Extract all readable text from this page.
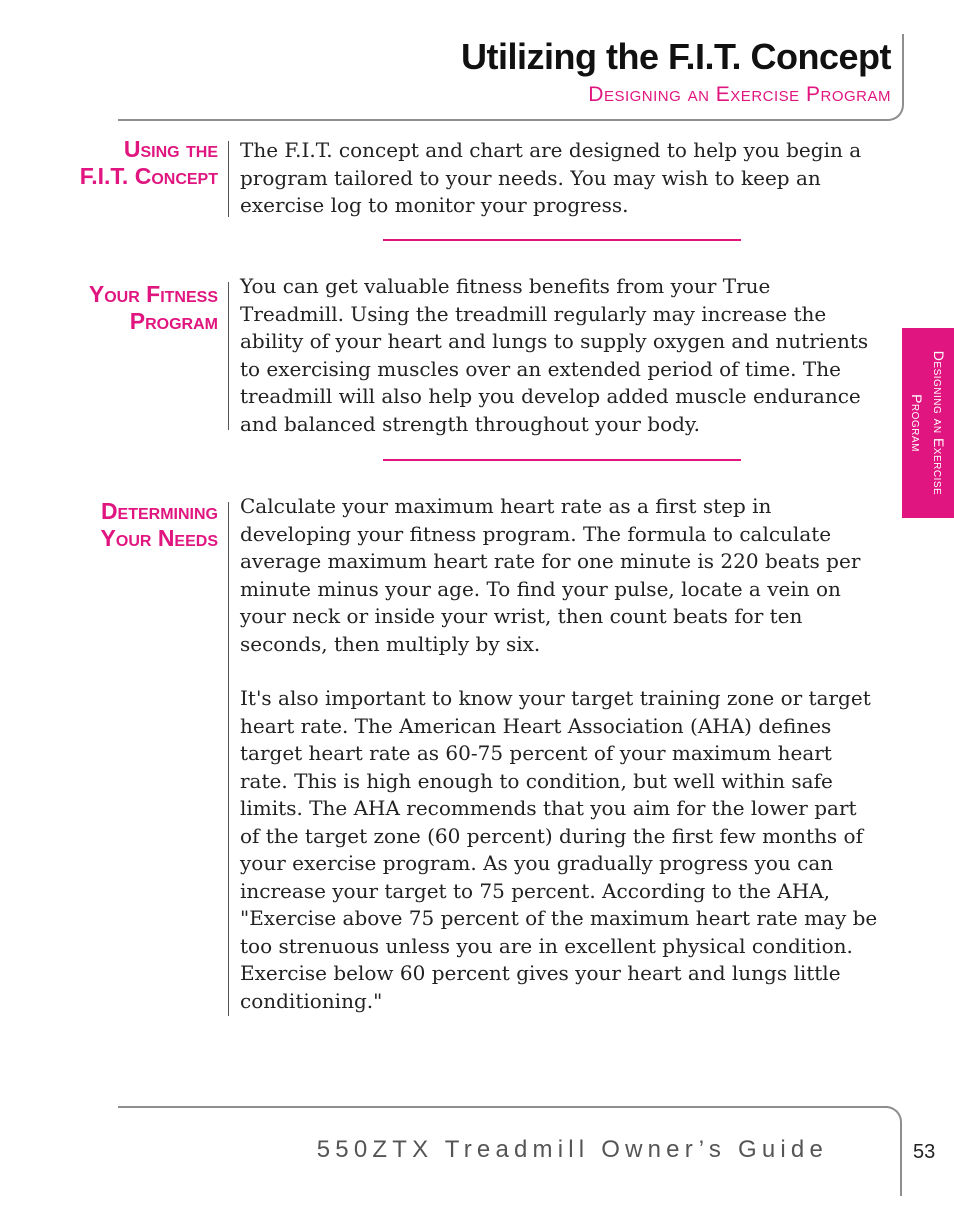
Utilizing the F.I.T. Concept
Designing an Exercise Program
Using the
F.I.T. Concept

The F.I.T. concept and chart are designed to help you begin a program tailored to your needs. You may wish to keep an exercise log to monitor your progress.

Your Fitness
Program

You can get valuable fitness benefits from your True Treadmill. Using the treadmill regularly may increase the ability of your heart and lungs to supply oxygen and nutrients to exercising muscles over an extended period of time. The treadmill will also help you develop added muscle endurance and balanced strength throughout your body.

Determining
Your Needs

Calculate your maximum heart rate as a first step in developing your fitness program. The formula to calculate average maximum heart rate for one minute is 220 beats per minute minus your age. To find your pulse, locate a vein on your neck or inside your wrist, then count beats for ten seconds, then multiply by six.

It's also important to know your target training zone or target heart rate. The American Heart Association (AHA) defines target heart rate as 60-75 percent of your maximum heart rate. This is high enough to condition, but well within safe limits. The AHA recommends that you aim for the lower part of the target zone (60 percent) during the first few months of your exercise program. As you gradually progress you can increase your target to 75 percent. According to the AHA, "Exercise above 75 percent of the maximum heart rate may be too strenuous unless you are in excellent physical condition. Exercise below 60 percent gives your heart and lungs little conditioning."

Designing an Exercise
Program
550ZTX Treadmill Owner’s Guide	53
